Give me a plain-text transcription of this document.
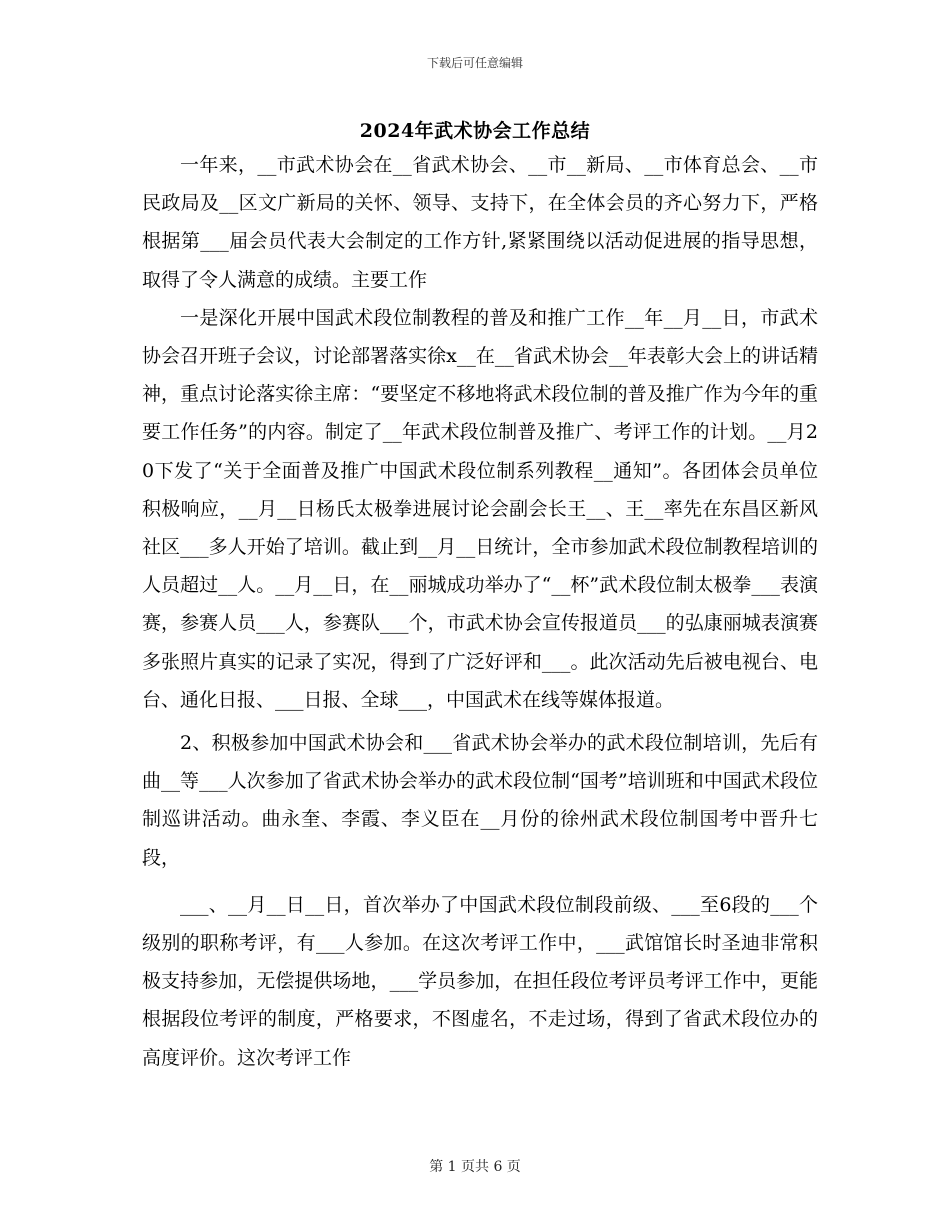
下载后可任意编辑
2024年武术协会工作总结

一年来，__市武术协会在__省武术协会、__市__新局、__市体育总会、__市民政局及__区文广新局的关怀、领导、支持下，在全体会员的齐心努力下，严格根据第___届会员代表大会制定的工作方针,紧紧围绕以活动促进展的指导思想，取得了令人满意的成绩。主要工作

一是深化开展中国武术段位制教程的普及和推广工作__年__月__日，市武术协会召开班子会议，讨论部署落实徐x__在__省武术协会__年表彰大会上的讲话精神，重点讨论落实徐主席：“要坚定不移地将武术段位制的普及推广作为今年的重要工作任务”的内容。制定了__年武术段位制普及推广、考评工作的计划。__月20下发了“关于全面普及推广中国武术段位制系列教程__通知”。各团体会员单位积极响应，__月__日杨氏太极拳进展讨论会副会长王__、王__率先在东昌区新风社区___多人开始了培训。截止到__月__日统计，全市参加武术段位制教程培训的人员超过__人。__月__日，在__丽城成功举办了“__杯”武术段位制太极拳___表演赛，参赛人员___人，参赛队___个，市武术协会宣传报道员___的弘康丽城表演赛多张照片真实的记录了实况，得到了广泛好评和___。此次活动先后被电视台、电台、通化日报、___日报、全球___，中国武术在线等媒体报道。

2、积极参加中国武术协会和___省武术协会举办的武术段位制培训，先后有曲__等___人次参加了省武术协会举办的武术段位制“国考”培训班和中国武术段位制巡讲活动。曲永奎、李霞、李义臣在__月份的徐州武术段位制国考中晋升七段，

___、__月__日__日，首次举办了中国武术段位制段前级、___至6段的___个级别的职称考评，有___人参加。在这次考评工作中，___武馆馆长时圣迪非常积极支持参加，无偿提供场地，___学员参加，在担任段位考评员考评工作中，更能根据段位考评的制度，严格要求，不图虚名，不走过场，得到了省武术段位办的高度评价。这次考评工作

第 1 页共 6 页
